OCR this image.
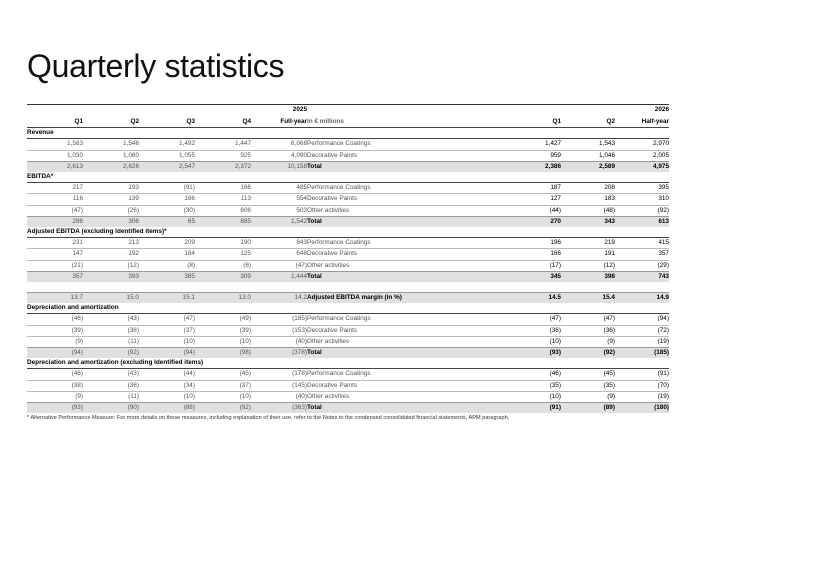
Quarterly statistics
				2025				2026
Q1	Q2	Q3	Q4	Full-year	in € millions	Q1	Q2	Half-year
Revenue								
1,583	1,546	1,492	1,447	6,068	Performance Coatings	1,427	1,543	2,970
1,030	1,080	1,055	925	4,090	Decorative Paints	959	1,046	2,005
2,613	2,626	2,547	2,372	10,158	Total	2,386	2,589	4,975
EBITDA*								
217	193	(91)	166	485	Performance Coatings	187	208	395
116	139	186	113	554	Decorative Paints	127	183	310
(47)	(26)	(30)	606	503	Other activities	(44)	(48)	(92)
286	306	65	885	1,542	Total	270	343	613
Adjusted EBITDA (excluding Identified items)*								
231	213	209	190	843	Performance Coatings	196	219	415
147	192	184	125	648	Decorative Paints	166	191	357
(21)	(12)	(8)	(6)	(47)	Other activities	(17)	(12)	(29)
357	393	385	309	1,444	Total	345	398	743

13.7	15.0	15.1	13.0	14.2	Adjusted EBITDA margin (in %)	14.5	15.4	14.9
Depreciation and amortization								
(46)	(43)	(47)	(49)	(185)	Performance Coatings	(47)	(47)	(94)
(39)	(38)	(37)	(39)	(153)	Decorative Paints	(36)	(36)	(72)
(9)	(11)	(10)	(10)	(40)	Other activities	(10)	(9)	(19)
(94)	(92)	(94)	(98)	(378)	Total	(93)	(92)	(185)
Depreciation and amortization (excluding Identified items)								
(46)	(43)	(44)	(45)	(178)	Performance Coatings	(46)	(45)	(91)
(38)	(36)	(34)	(37)	(145)	Decorative Paints	(35)	(35)	(70)
(9)	(11)	(10)	(10)	(40)	Other activities	(10)	(9)	(19)
(93)	(90)	(88)	(92)	(363)	Total	(91)	(89)	(180)
* Alternative Performance Measure: For more details on these measures, including explanation of their use, refer to the Notes to the condensed consolidated financial statements, APM paragraph.
